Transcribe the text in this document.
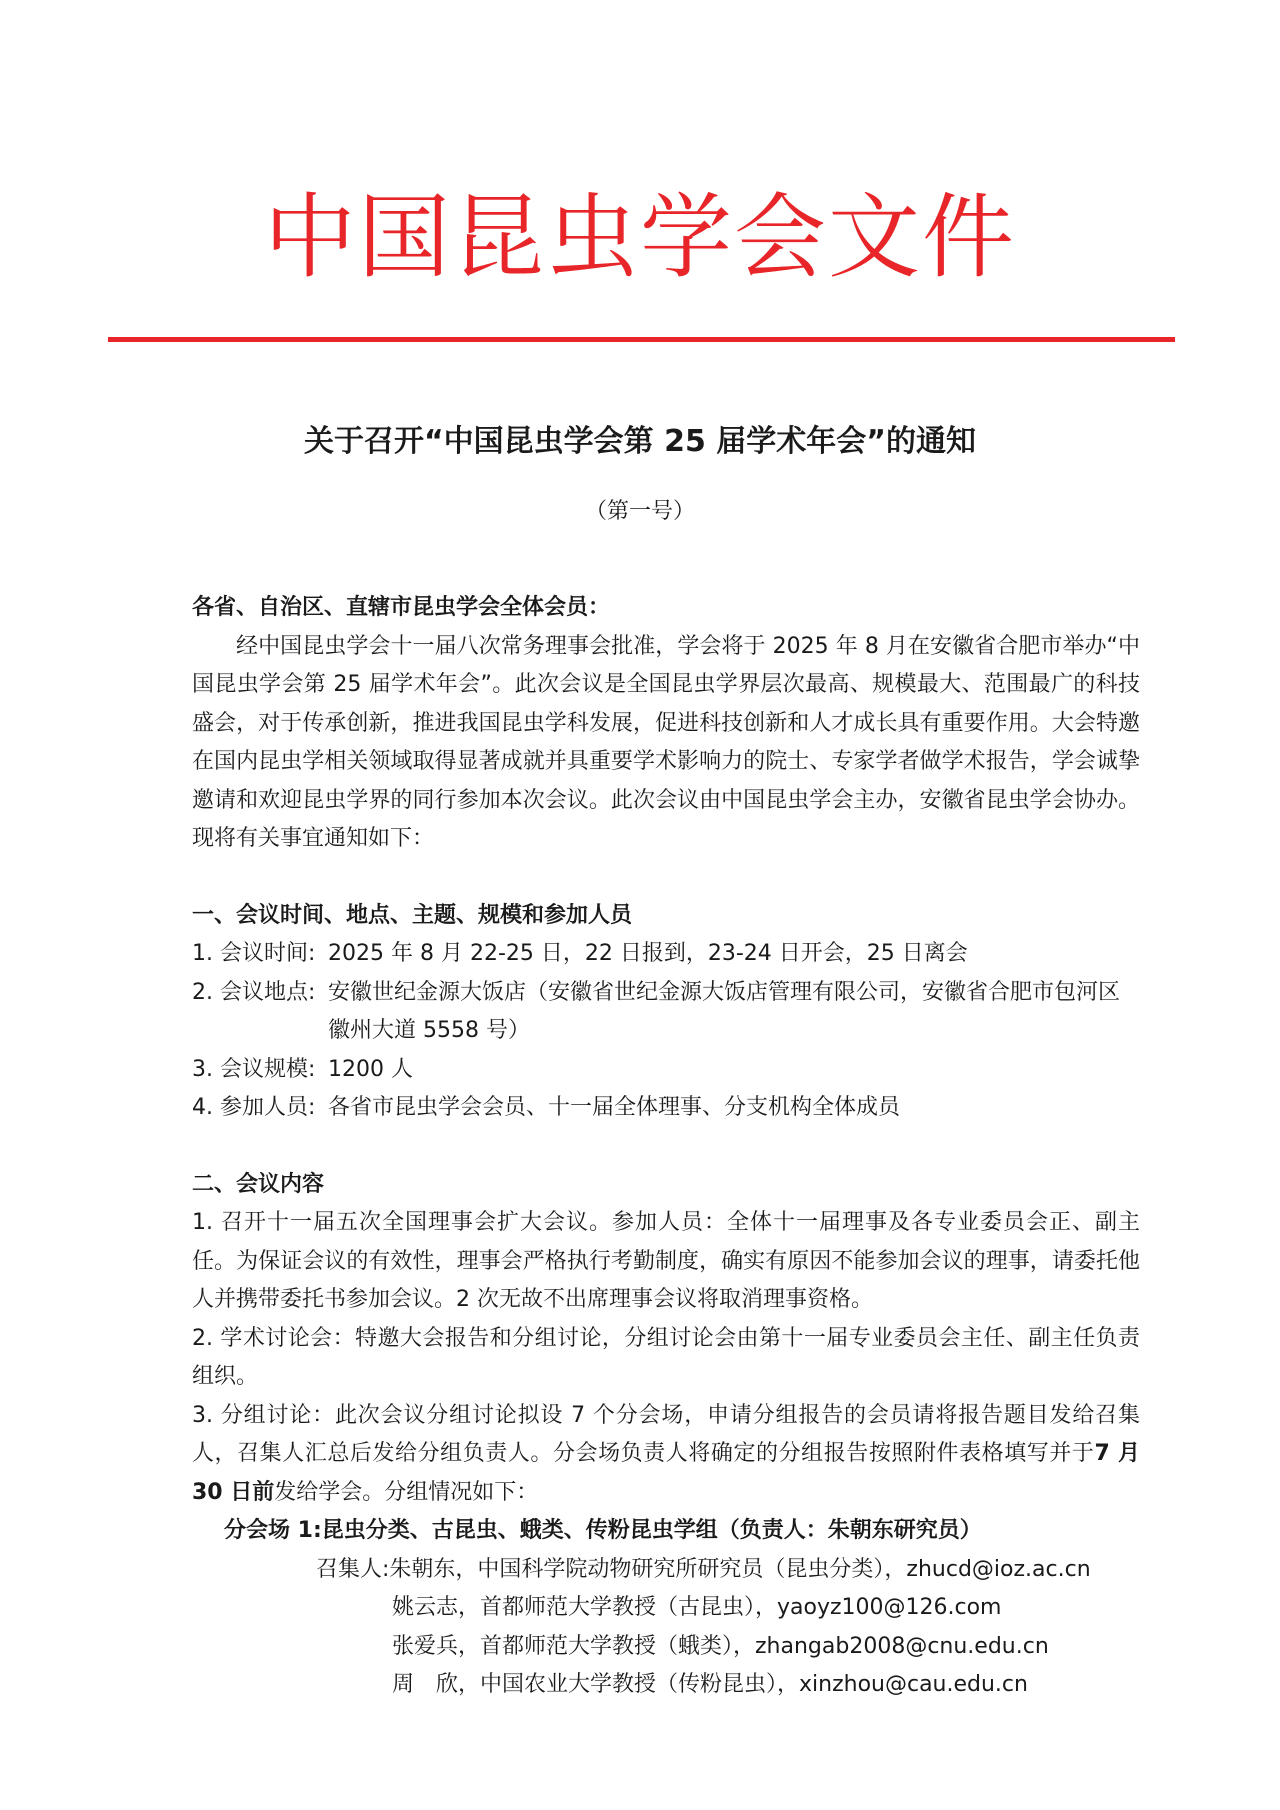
中国昆虫学会文件
关于召开“中国昆虫学会第 25 届学术年会”的通知
（第一号）

各省、自治区、直辖市昆虫学会全体会员：

经中国昆虫学会十一届八次常务理事会批准，学会将于 2025 年 8 月在安徽省合肥市举办“中国昆虫学会第 25 届学术年会”。此次会议是全国昆虫学界层次最高、规模最大、范围最广的科技盛会，对于传承创新，推进我国昆虫学科发展，促进科技创新和人才成长具有重要作用。大会特邀在国内昆虫学相关领域取得显著成就并具重要学术影响力的院士、专家学者做学术报告，学会诚挚邀请和欢迎昆虫学界的同行参加本次会议。此次会议由中国昆虫学会主办，安徽省昆虫学会协办。现将有关事宜通知如下：

一、会议时间、地点、主题、规模和参加人员

1. 会议时间: 2025 年 8 月 22-25 日，22 日报到，23-24 日开会，25 日离会

2. 会议地点: 安徽世纪金源大饭店（安徽省世纪金源大饭店管理有限公司，安徽省合肥市包河区徽州大道 5558 号）

3. 会议规模: 1200 人

4. 参加人员: 各省市昆虫学会会员、十一届全体理事、分支机构全体成员

二、会议内容

1. 召开十一届五次全国理事会扩大会议。参加人员：全体十一届理事及各专业委员会正、副主任。为保证会议的有效性，理事会严格执行考勤制度，确实有原因不能参加会议的理事，请委托他人并携带委托书参加会议。2 次无故不出席理事会议将取消理事资格。

2. 学术讨论会：特邀大会报告和分组讨论，分组讨论会由第十一届专业委员会主任、副主任负责组织。

3. 分组讨论：此次会议分组讨论拟设 7 个分会场，申请分组报告的会员请将报告题目发给召集人，召集人汇总后发给分组负责人。分会场负责人将确定的分组报告按照附件表格填写并于7 月 30 日前发给学会。分组情况如下：

分会场 1:昆虫分类、古昆虫、蛾类、传粉昆虫学组（负责人：朱朝东研究员）

召集人:朱朝东，中国科学院动物研究所研究员（昆虫分类），zhucd@ioz.ac.cn

姚云志，首都师范大学教授（古昆虫），yaoyz100@126.com

张爱兵，首都师范大学教授（蛾类），zhangab2008@cnu.edu.cn

周　欣，中国农业大学教授（传粉昆虫），xinzhou@cau.edu.cn
